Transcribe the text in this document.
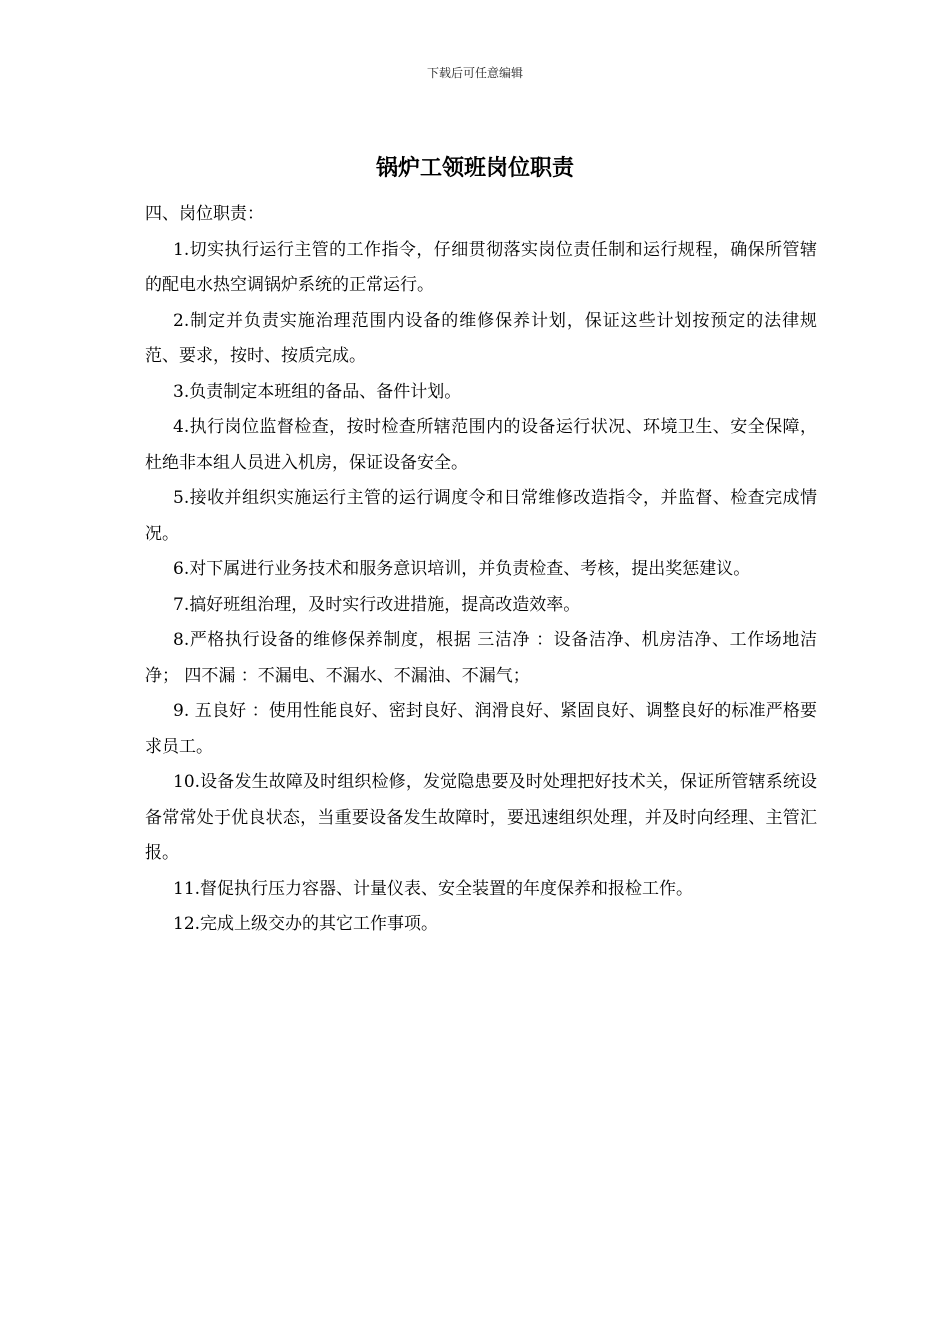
下载后可任意编辑
锅炉工领班岗位职责

四、岗位职责：

1.切实执行运行主管的工作指令，仔细贯彻落实岗位责任制和运行规程，确保所管辖的配电水热空调锅炉系统的正常运行。

2.制定并负责实施治理范围内设备的维修保养计划，保证这些计划按预定的法律规范、要求，按时、按质完成。

3.负责制定本班组的备品、备件计划。

4.执行岗位监督检查，按时检查所辖范围内的设备运行状况、环境卫生、安全保障，杜绝非本组人员进入机房，保证设备安全。

5.接收并组织实施运行主管的运行调度令和日常维修改造指令，并监督、检查完成情况。

6.对下属进行业务技术和服务意识培训，并负责检查、考核，提出奖惩建议。

7.搞好班组治理，及时实行改进措施，提高改造效率。

8.严格执行设备的维修保养制度，根据 三洁净 ：设备洁净、机房洁净、工作场地洁净； 四不漏 ：不漏电、不漏水、不漏油、不漏气；

9. 五良好 ：使用性能良好、密封良好、润滑良好、紧固良好、调整良好的标准严格要求员工。

10.设备发生故障及时组织检修，发觉隐患要及时处理把好技术关，保证所管辖系统设备常常处于优良状态，当重要设备发生故障时，要迅速组织处理，并及时向经理、主管汇报。

11.督促执行压力容器、计量仪表、安全装置的年度保养和报检工作。

12.完成上级交办的其它工作事项。
